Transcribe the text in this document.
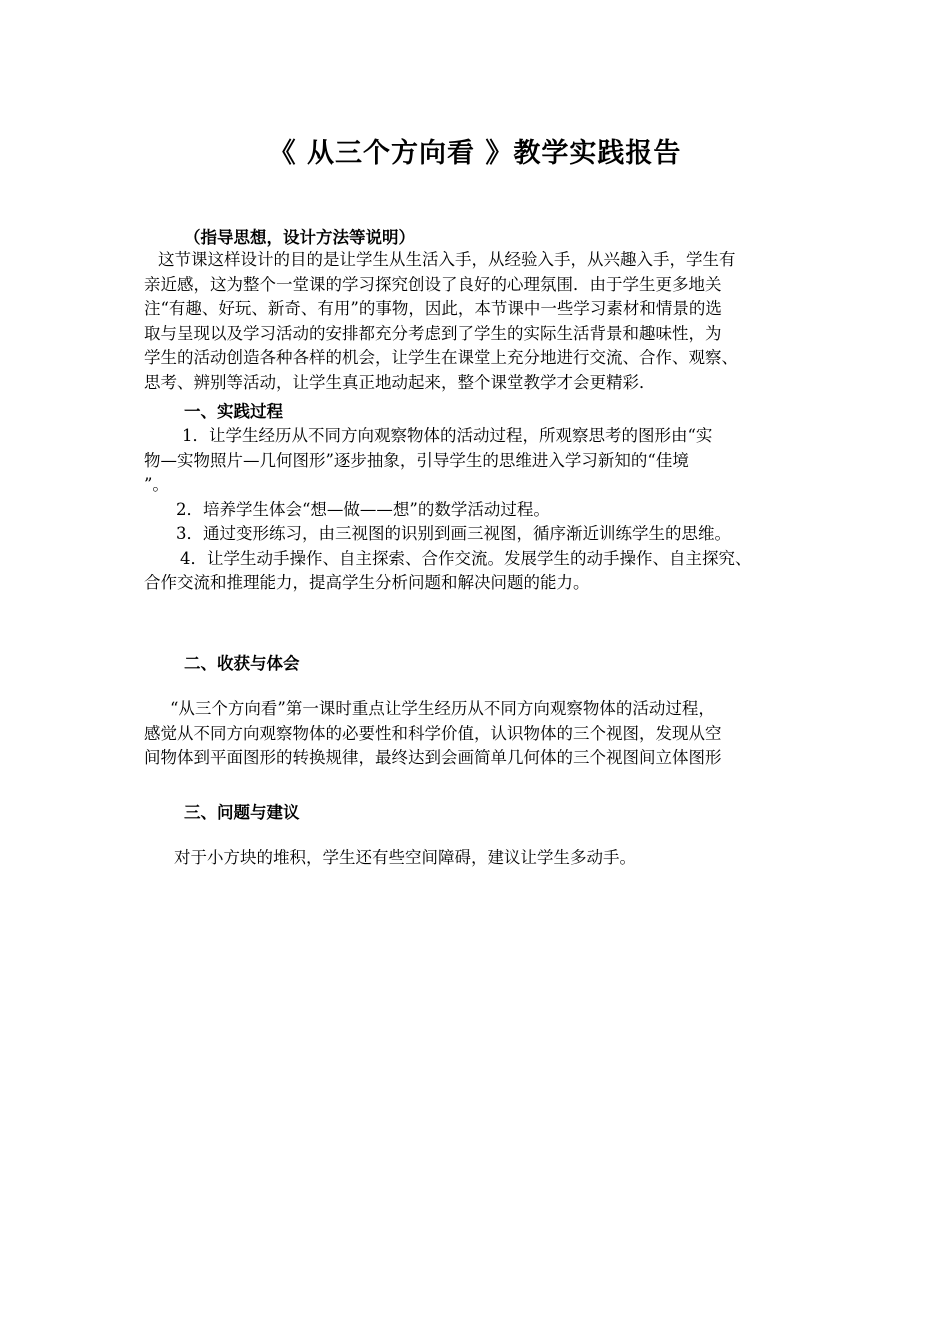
《 从三个方向看 》教学实践报告
（指导思想，设计方法等说明）
这节课这样设计的目的是让学生从生活入手，从经验入手，从兴趣入手，学生有
亲近感，这为整个一堂课的学习探究创设了良好的心理氛围．由于学生更多地关
注“有趣、好玩、新奇、有用”的事物，因此，本节课中一些学习素材和情景的选
取与呈现以及学习活动的安排都充分考虑到了学生的实际生活背景和趣味性，为
学生的活动创造各种各样的机会，让学生在课堂上充分地进行交流、合作、观察、
思考、辨别等活动，让学生真正地动起来，整个课堂教学才会更精彩．
一、实践过程
1．让学生经历从不同方向观察物体的活动过程，所观察思考的图形由“实
物—实物照片—几何图形”逐步抽象，引导学生的思维进入学习新知的“佳境
”。
2．培养学生体会“想—做——想”的数学活动过程。
3．通过变形练习，由三视图的识别到画三视图，循序渐近训练学生的思维。
4．让学生动手操作、自主探索、合作交流。发展学生的动手操作、自主探究、
合作交流和推理能力，提高学生分析问题和解决问题的能力。
二、收获与体会
“从三个方向看”第一课时重点让学生经历从不同方向观察物体的活动过程，
感觉从不同方向观察物体的必要性和科学价值，认识物体的三个视图，发现从空
间物体到平面图形的转换规律，最终达到会画简单几何体的三个视图间立体图形
三、问题与建议
对于小方块的堆积，学生还有些空间障碍，建议让学生多动手。
